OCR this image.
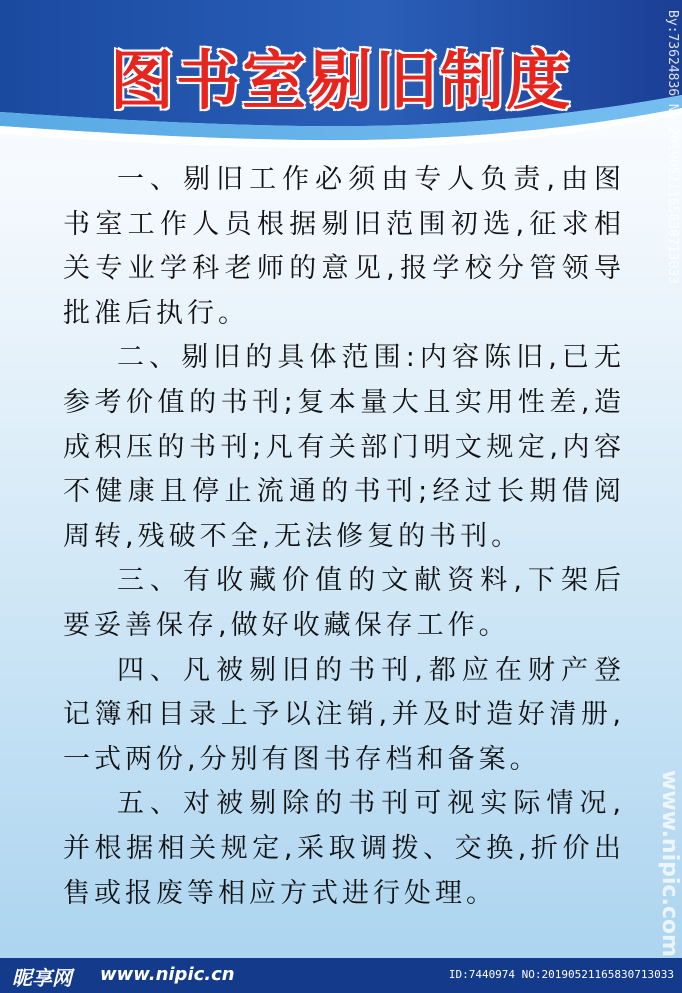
图书室剔旧制度

一、剔旧工作必须由专人负责,由图书室工作人员根据剔旧范围初选,征求相关专业学科老师的意见,报学校分管领导批准后执行。

二、剔旧的具体范围:内容陈旧,已无参考价值的书刊;复本量大且实用性差,造成积压的书刊;凡有关部门明文规定,内容不健康且停止流通的书刊;经过长期借阅周转,残破不全,无法修复的书刊。

三、有收藏价值的文献资料,下架后要妥善保存,做好收藏保存工作。

四、凡被剔旧的书刊,都应在财产登记簿和目录上予以注销,并及时造好清册,一式两份,分别有图书存档和备案。

五、对被剔除的书刊可视实际情况,并根据相关规定,采取调拨、交换,折价出售或报废等相应方式进行处理。

By:73624836 No:20190521165830713033
www.nipic.com
昵享网 www.nipic.cn	ID:7440974 NO:20190521165830713033
